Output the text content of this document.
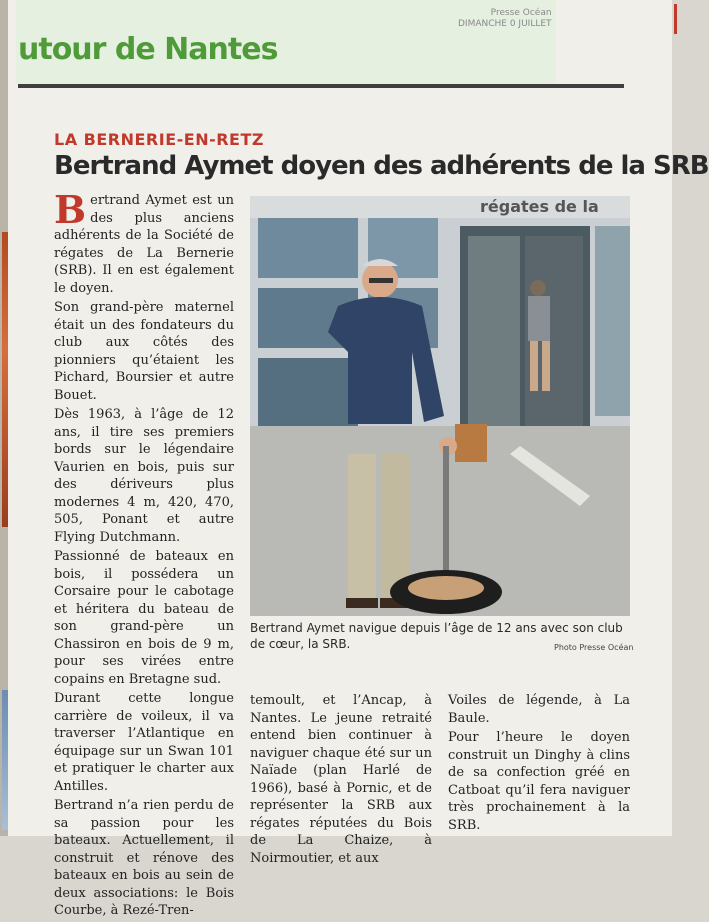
utour de Nantes
Presse Océan
DIMANCHE 0 JUILLET
LA BERNERIE-EN-RETZ
Bertrand Aymet doyen des adhérents de la SRB

Bertrand Aymet est un des plus anciens adhérents de la Société de régates de La Bernerie (SRB). Il en est également le doyen.

Son grand-père maternel était un des fondateurs du club aux côtés des pionniers qu’étaient les Pichard, Boursier et autre Bouet.

Dès 1963, à l’âge de 12 ans, il tire ses premiers bords sur le légendaire Vaurien en bois, puis sur des dériveurs plus modernes 4 m, 420, 470, 505, Ponant et autre Flying Dutchmann.

Passionné de bateaux en bois, il possédera un Corsaire pour le cabotage et héritera du bateau de son grand-père un Chassiron en bois de 9 m, pour ses virées entre copains en Bretagne sud.

Durant cette longue carrière de voileux, il va traverser l’Atlantique en équipage sur un Swan 101 et pratiquer le charter aux Antilles.

Bertrand n’a rien perdu de sa passion pour les bateaux. Actuellement, il construit et rénove des bateaux en bois au sein de deux associations: le Bois Courbe, à Rezé-Tren-

régates de la
Bertrand Aymet navigue depuis l’âge de 12 ans avec son club de cœur, la SRB.	Photo Presse Océan

temoult, et l’Ancap, à Nantes. Le jeune retraité entend bien continuer à naviguer chaque été sur un Naïade (plan Harlé de 1966), basé à Pornic, et de représenter la SRB aux régates réputées du Bois de La Chaize, à Noirmoutier, et aux

Voiles de légende, à La Baule.

Pour l’heure le doyen construit un Dinghy à clins de sa confection gréé en Catboat qu’il fera naviguer très prochainement à la SRB.
